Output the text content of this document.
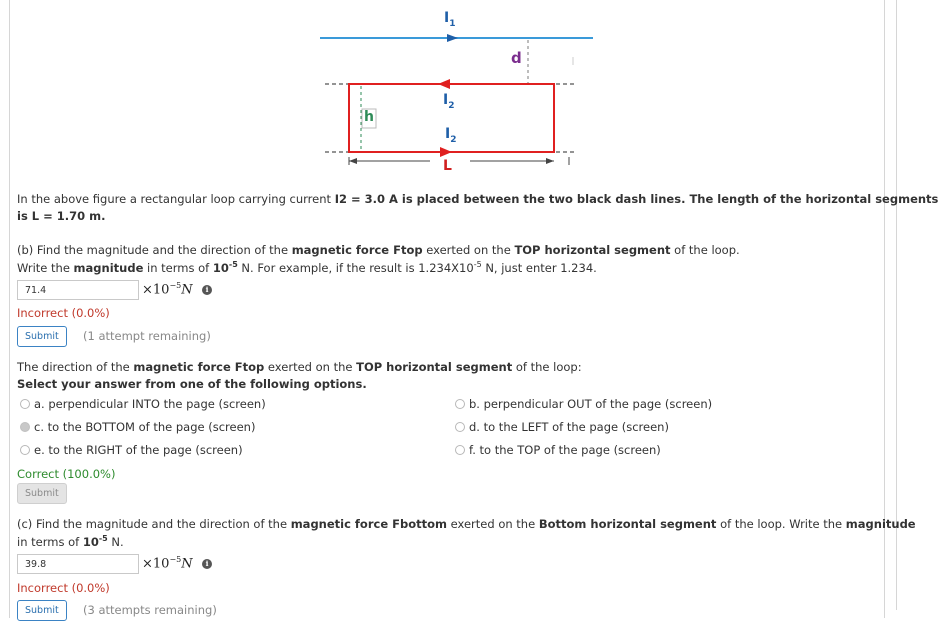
$I_1$
d
$I_2$
h
$I_2$
L
In the above figure a rectangular loop carrying current I2 = 3.0 A is placed between the two black dash lines. The length of the horizontal segments
is L = 1.70 m.
(b) Find the magnitude and the direction of the magnetic force Ftop exerted on the TOP horizontal segment of the loop.
Write the magnitude in terms of $10^{-5}$ N. For example, if the result is $1.234X10^{-5}$ N, just enter 1.234.
71.4	$\times 10^{-5}N$	i
Incorrect (0.0%)
Submit	(1 attempt remaining)
The direction of the magnetic force Ftop exerted on the TOP horizontal segment of the loop:
Select your answer from one of the following options.
a. perpendicular INTO the page (screen)	b. perpendicular OUT of the page (screen)
c. to the BOTTOM of the page (screen)	d. to the LEFT of the page (screen)
e. to the RIGHT of the page (screen)	f. to the TOP of the page (screen)
Correct (100.0%)
Submit
(c) Find the magnitude and the direction of the magnetic force Fbottom exerted on the Bottom horizontal segment of the loop. Write the magnitude
in terms of $10^{-5}$ N.
39.8	$\times 10^{-5}N$	i
Incorrect (0.0%)
Submit	(3 attempts remaining)
